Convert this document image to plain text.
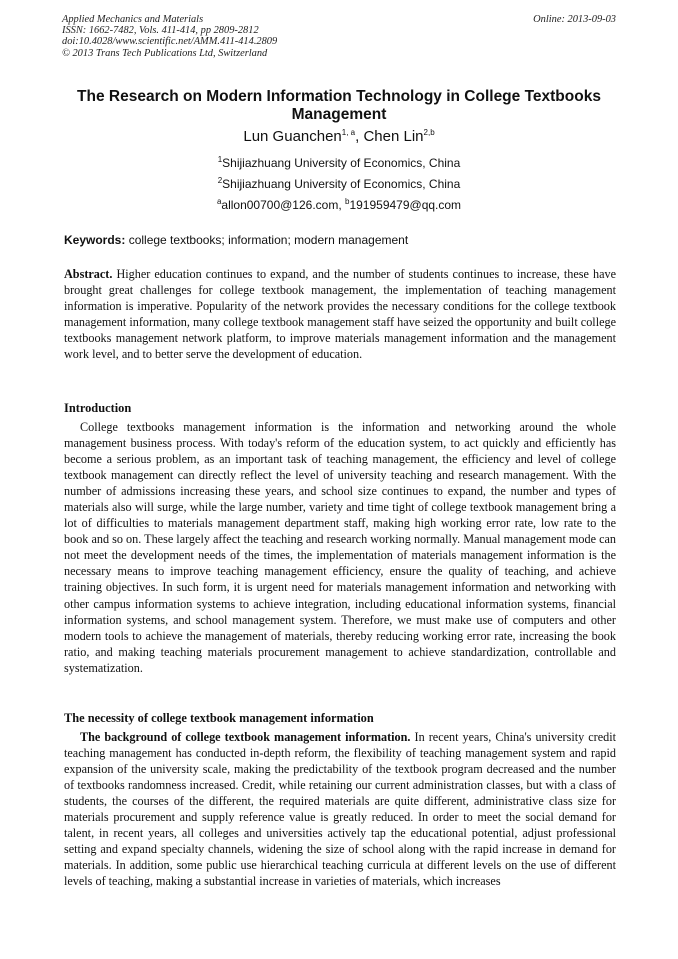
Applied Mechanics and Materials
ISSN: 1662-7482, Vols. 411-414, pp 2809-2812
doi:10.4028/www.scientific.net/AMM.411-414.2809
© 2013 Trans Tech Publications Ltd, Switzerland
Online: 2013-09-03
The Research on Modern Information Technology in College Textbooks Management
Lun Guanchen$^{1, a}$, Chen Lin$^{2,b}$
$^1$Shijiazhuang University of Economics, China
$^2$Shijiazhuang University of Economics, China
$^a$allon00700@126.com, $^b$191959479@qq.com
Keywords: college textbooks; information; modern management
Abstract. Higher education continues to expand, and the number of students continues to increase, these have brought great challenges for college textbook management, the implementation of teaching management information is imperative. Popularity of the network provides the necessary conditions for the college textbook management information, many college textbook management staff have seized the opportunity and built college textbooks management network platform, to improve materials management information and the management work level, and to better serve the development of education.
Introduction
College textbooks management information is the information and networking around the whole management business process. With today's reform of the education system, to act quickly and efficiently has become a serious problem, as an important task of teaching management, the efficiency and level of college textbook management can directly reflect the level of university teaching and research management. With the number of admissions increasing these years, and school size continues to expand, the number and types of materials also will surge, while the large number, variety and time tight of college textbook management bring a lot of difficulties to materials management department staff, making high working error rate, low rate to the book and so on. These largely affect the teaching and research working normally. Manual management mode can not meet the development needs of the times, the implementation of materials management information is the necessary means to improve teaching management efficiency, ensure the quality of teaching, and achieve training objectives. In such form, it is urgent need for materials management information and networking with other campus information systems to achieve integration, including educational information systems, financial information systems, and school management system. Therefore, we must make use of computers and other modern tools to achieve the management of materials, thereby reducing working error rate, increasing the book ratio, and making teaching materials procurement management to achieve standardization, controllable and systematization.
The necessity of college textbook management information
The background of college textbook management information. In recent years, China's university credit teaching management has conducted in-depth reform, the flexibility of teaching management system and rapid expansion of the university scale, making the predictability of the textbook program decreased and the number of textbooks randomness increased. Credit, while retaining our current administration classes, but with a class of students, the courses of the different, the required materials are quite different, administrative class size for materials procurement and supply reference value is greatly reduced. In order to meet the social demand for talent, in recent years, all colleges and universities actively tap the educational potential, adjust professional setting and expand specialty channels, widening the size of school along with the rapid increase in demand for materials. In addition, some public use hierarchical teaching curricula at different levels on the use of different levels of teaching, making a substantial increase in varieties of materials, which increases
